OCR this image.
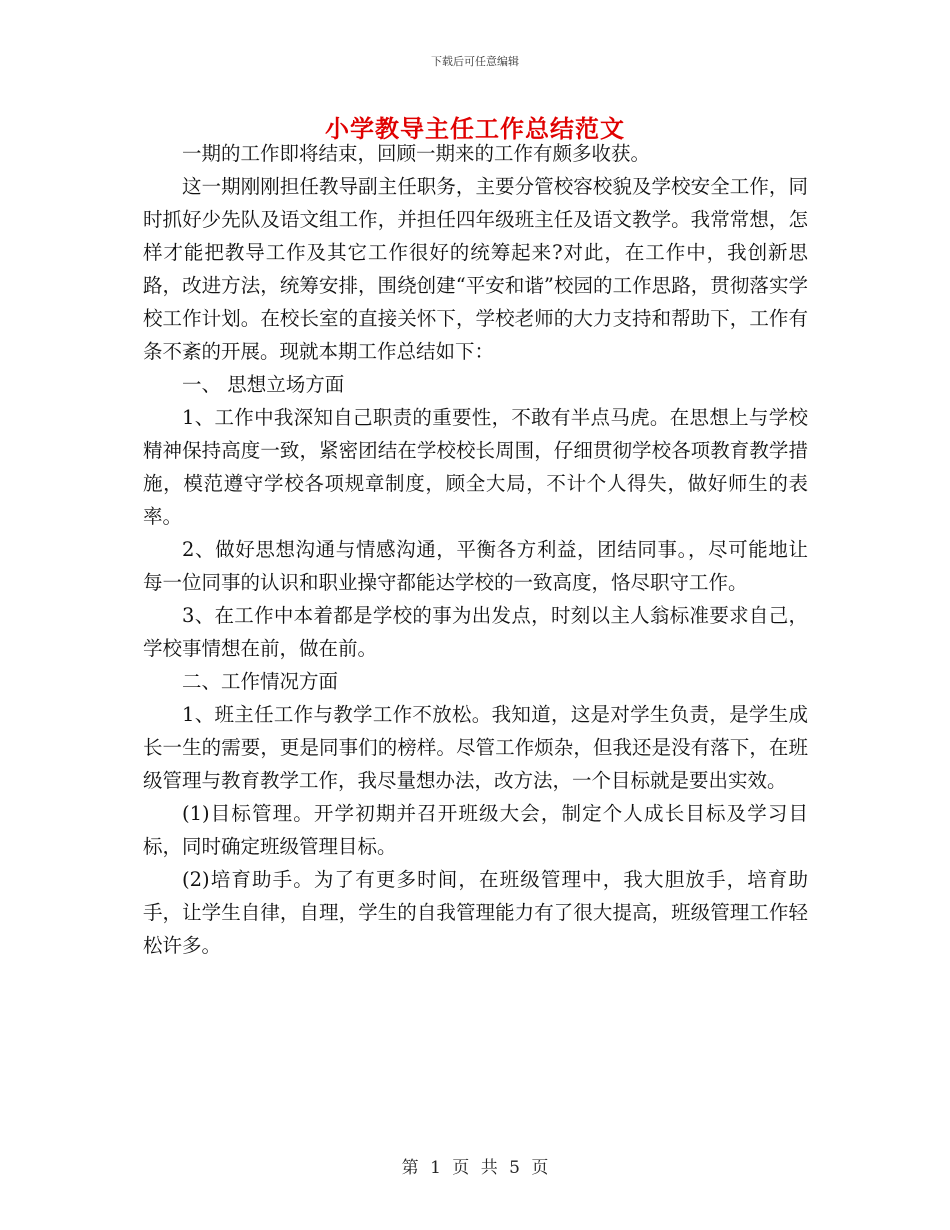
下载后可任意编辑
小学教导主任工作总结范文

一期的工作即将结束，回顾一期来的工作有颇多收获。

这一期刚刚担任教导副主任职务，主要分管校容校貌及学校安全工作，同时抓好少先队及语文组工作，并担任四年级班主任及语文教学。我常常想，怎样才能把教导工作及其它工作很好的统筹起来?对此，在工作中，我创新思路，改进方法，统筹安排，围绕创建“平安和谐”校园的工作思路，贯彻落实学校工作计划。在校长室的直接关怀下，学校老师的大力支持和帮助下，工作有条不紊的开展。现就本期工作总结如下：

一、 思想立场方面

1、工作中我深知自己职责的重要性，不敢有半点马虎。在思想上与学校精神保持高度一致，紧密团结在学校校长周围，仔细贯彻学校各项教育教学措施，模范遵守学校各项规章制度，顾全大局，不计个人得失，做好师生的表率。

2、做好思想沟通与情感沟通，平衡各方利益，团结同事。，尽可能地让每一位同事的认识和职业操守都能达学校的一致高度，恪尽职守工作。

3、在工作中本着都是学校的事为出发点，时刻以主人翁标准要求自己，学校事情想在前，做在前。

二、工作情况方面

1、班主任工作与教学工作不放松。我知道，这是对学生负责，是学生成长一生的需要，更是同事们的榜样。尽管工作烦杂，但我还是没有落下，在班级管理与教育教学工作，我尽量想办法，改方法，一个目标就是要出实效。

(1)目标管理。开学初期并召开班级大会，制定个人成长目标及学习目标，同时确定班级管理目标。

(2)培育助手。为了有更多时间，在班级管理中，我大胆放手，培育助手，让学生自律，自理，学生的自我管理能力有了很大提高，班级管理工作轻松许多。

第 1 页 共 5 页
